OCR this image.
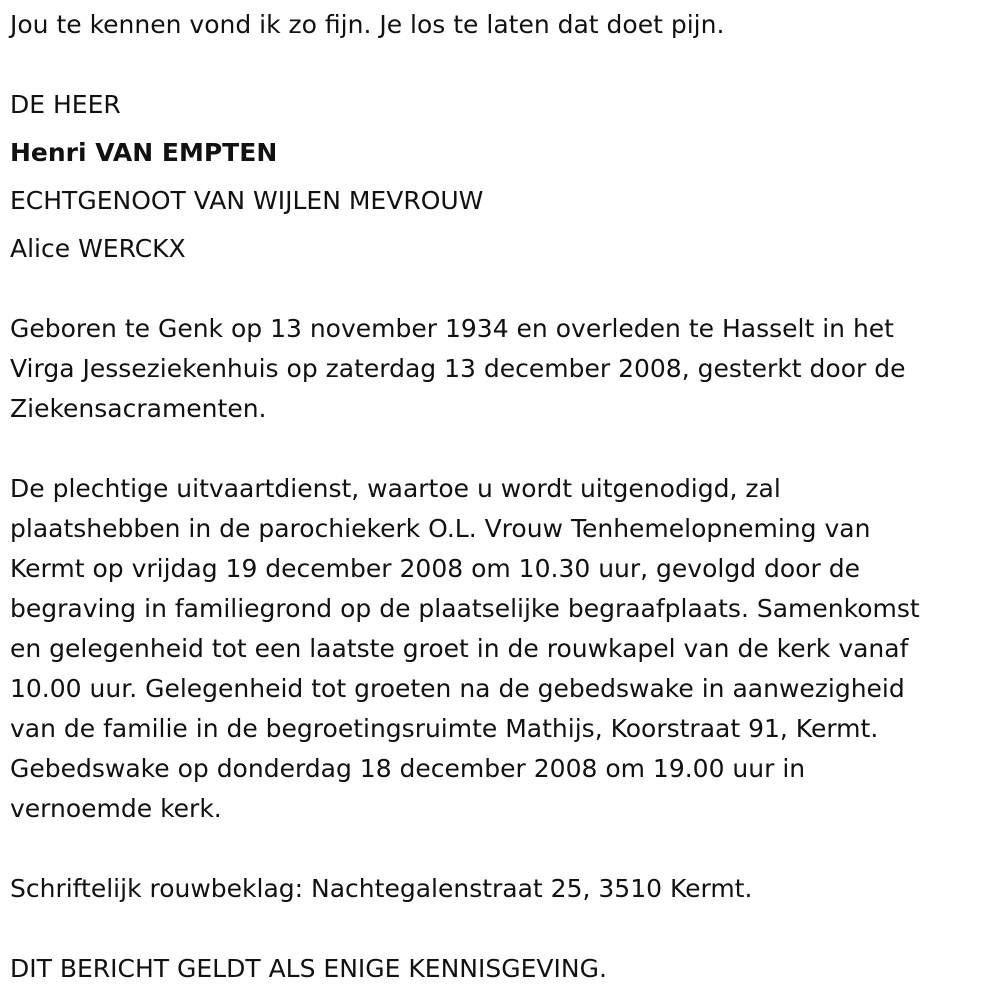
Jou te kennen vond ik zo fijn. Je los te laten dat doet pijn.

DE HEER

Henri VAN EMPTEN

ECHTGENOOT VAN WIJLEN MEVROUW

Alice WERCKX

Geboren te Genk op 13 november 1934 en overleden te Hasselt in het
Virga Jesseziekenhuis op zaterdag 13 december 2008, gesterkt door de
Ziekensacramenten.
De plechtige uitvaartdienst, waartoe u wordt uitgenodigd, zal
plaatshebben in de parochiekerk O.L. Vrouw Tenhemelopneming van
Kermt op vrijdag 19 december 2008 om 10.30 uur, gevolgd door de
begraving in familiegrond op de plaatselijke begraafplaats. Samenkomst
en gelegenheid tot een laatste groet in de rouwkapel van de kerk vanaf
10.00 uur. Gelegenheid tot groeten na de gebedswake in aanwezigheid
van de familie in de begroetingsruimte Mathijs, Koorstraat 91, Kermt.
Gebedswake op donderdag 18 december 2008 om 19.00 uur in
vernoemde kerk.

Schriftelijk rouwbeklag: Nachtegalenstraat 25, 3510 Kermt.

DIT BERICHT GELDT ALS ENIGE KENNISGEVING.
